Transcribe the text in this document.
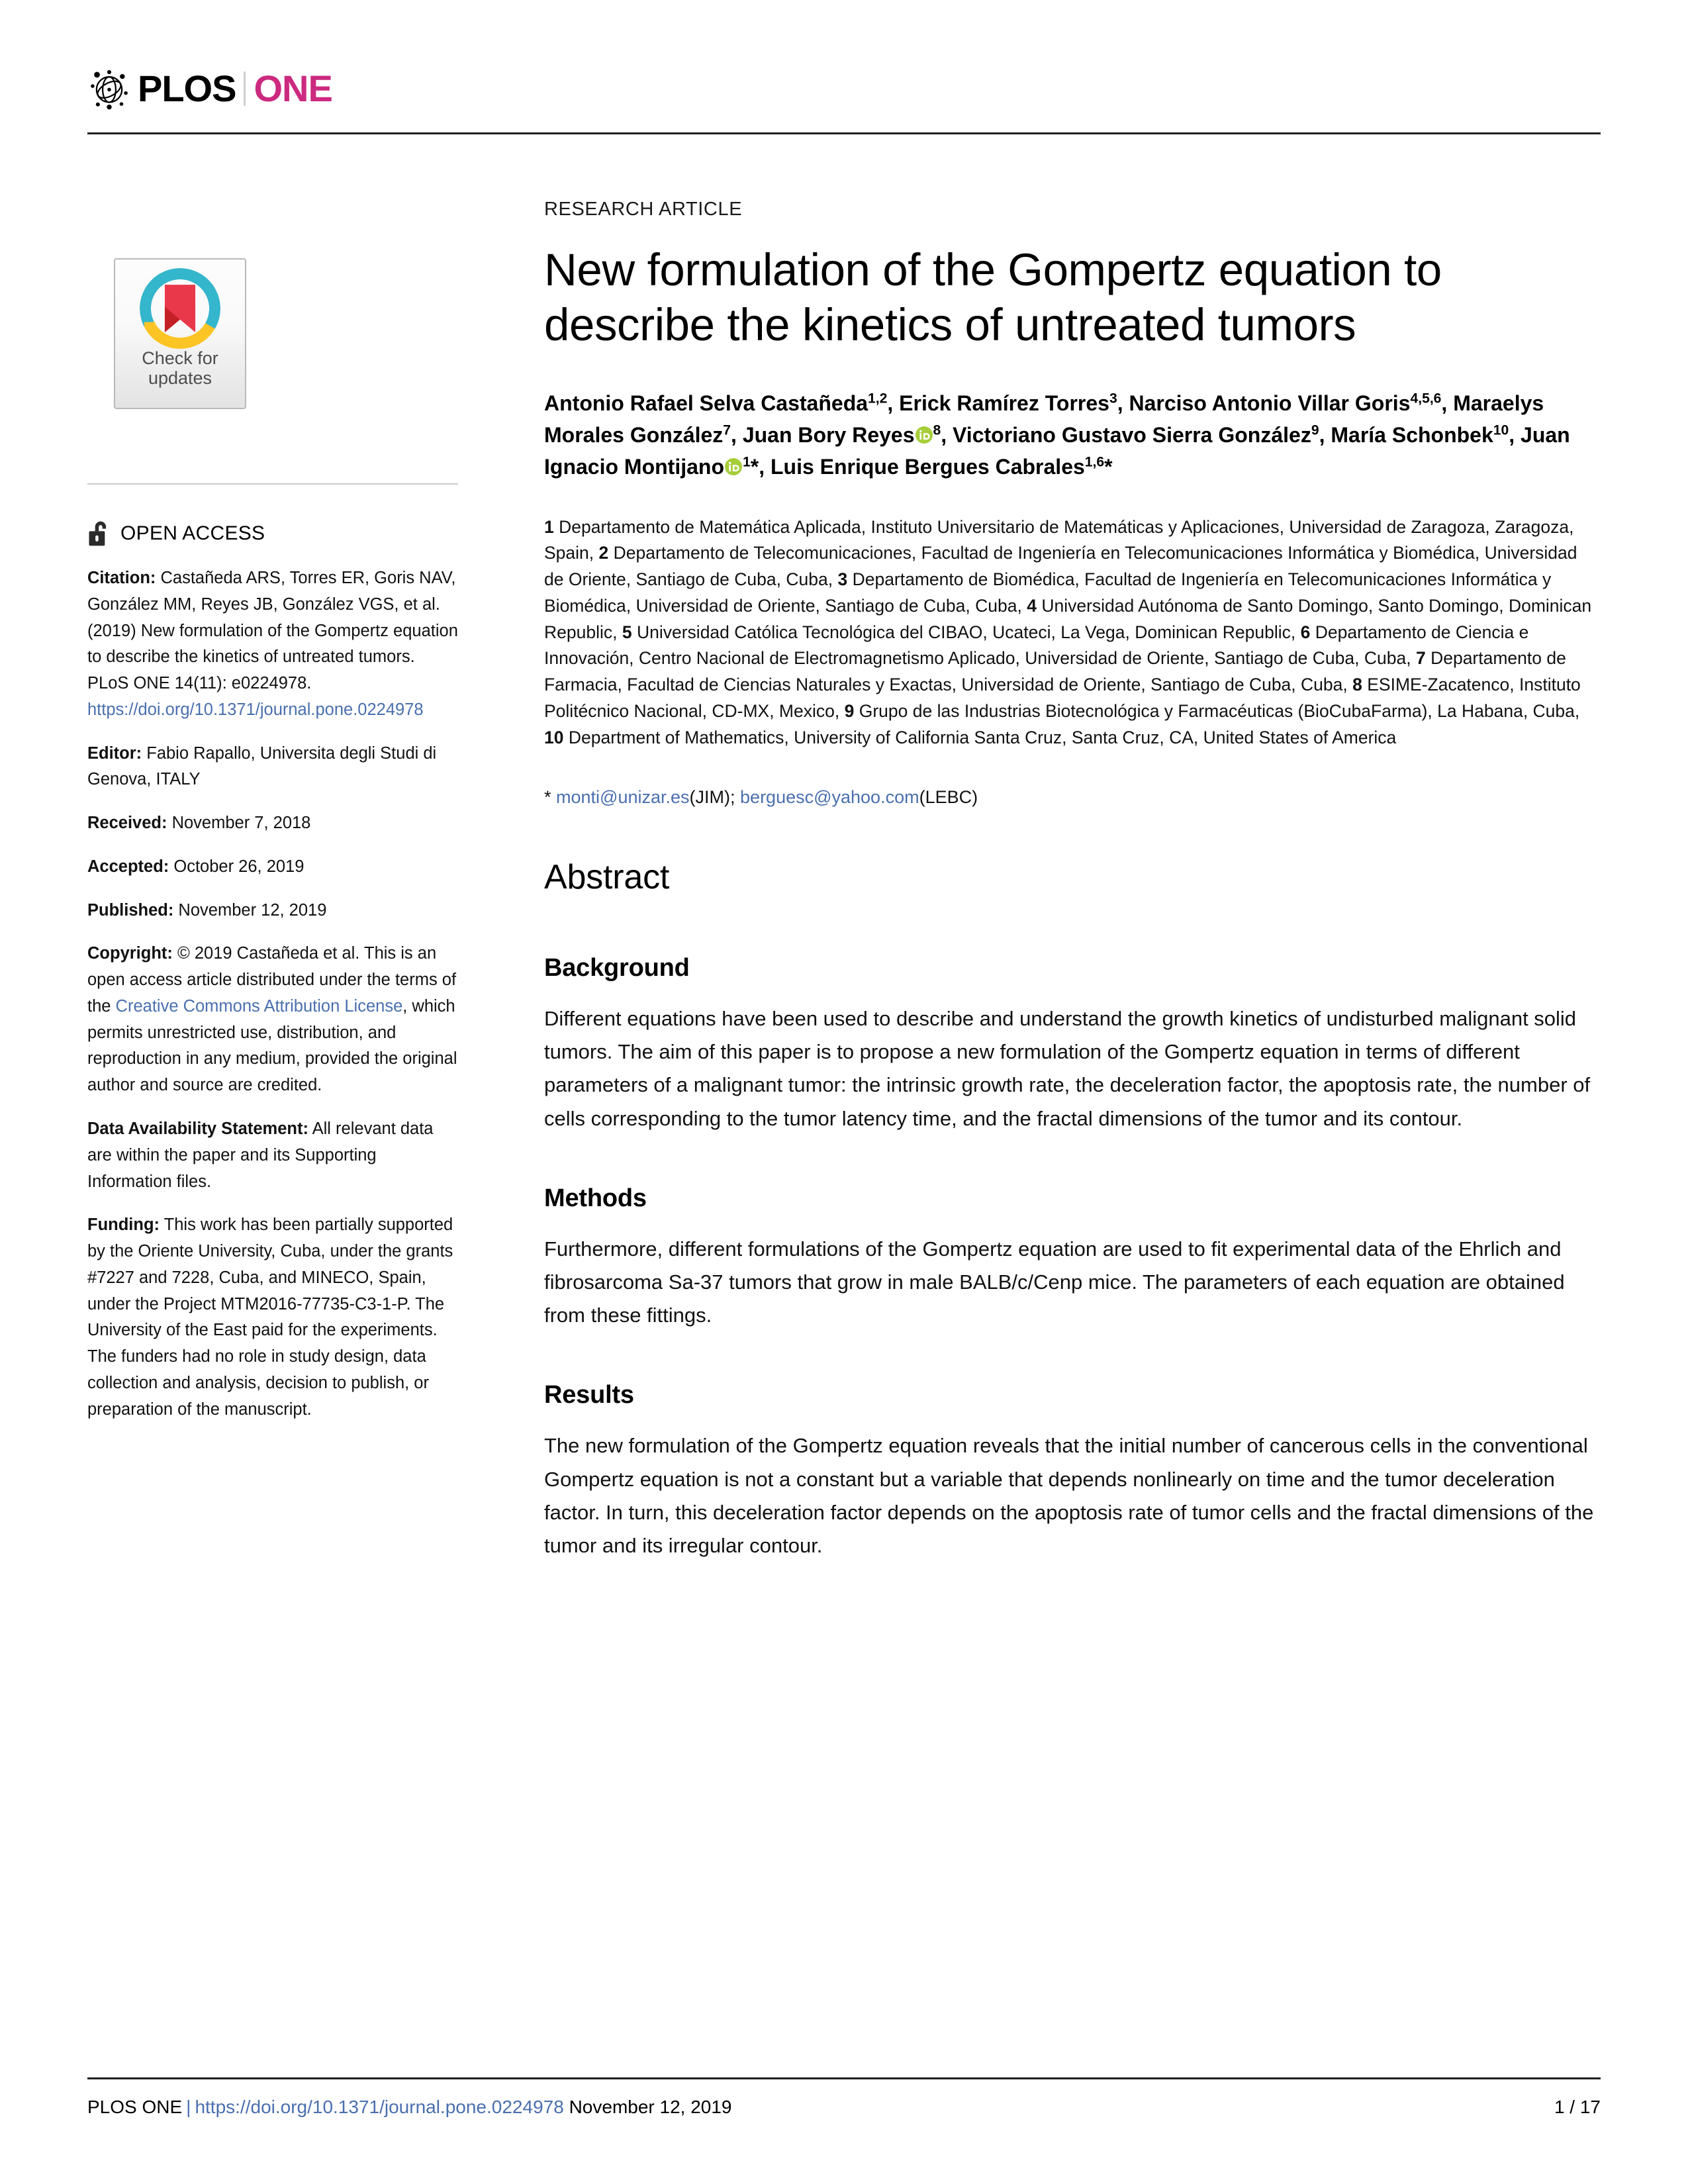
PLOS ONE
Check for
updates
OPEN ACCESS
Citation: Castañeda ARS, Torres ER, Goris NAV, González MM, Reyes JB, González VGS, et al. (2019) New formulation of the Gompertz equation to describe the kinetics of untreated tumors. PLoS ONE 14(11): e0224978. https://doi.org/10.1371/journal.pone.0224978
Editor: Fabio Rapallo, Universita degli Studi di Genova, ITALY
Received: November 7, 2018
Accepted: October 26, 2019
Published: November 12, 2019
Copyright: © 2019 Castañeda et al. This is an open access article distributed under the terms of the Creative Commons Attribution License, which permits unrestricted use, distribution, and reproduction in any medium, provided the original author and source are credited.
Data Availability Statement: All relevant data are within the paper and its Supporting Information files.
Funding: This work has been partially supported by the Oriente University, Cuba, under the grants #7227 and 7228, Cuba, and MINECO, Spain, under the Project MTM2016-77735-C3-1-P. The University of the East paid for the experiments. The funders had no role in study design, data collection and analysis, decision to publish, or preparation of the manuscript.
RESEARCH ARTICLE
New formulation of the Gompertz equation to describe the kinetics of untreated tumors
Antonio Rafael Selva Castañeda$^{1,2}$, Erick Ramírez Torres$^3$, Narciso Antonio Villar Goris$^{4,5,6}$, Maraelys Morales González$^7$, Juan Bory Reyes $^8$, Victoriano Gustavo Sierra González$^9$, María Schonbek$^{10}$, Juan Ignacio Montijano $^1$*, Luis Enrique Bergues Cabrales$^{1,6}$*
1 Departamento de Matemática Aplicada, Instituto Universitario de Matemáticas y Aplicaciones, Universidad de Zaragoza, Zaragoza, Spain, 2 Departamento de Telecomunicaciones, Facultad de Ingeniería en Telecomunicaciones Informática y Biomédica, Universidad de Oriente, Santiago de Cuba, Cuba, 3 Departamento de Biomédica, Facultad de Ingeniería en Telecomunicaciones Informática y Biomédica, Universidad de Oriente, Santiago de Cuba, Cuba, 4 Universidad Autónoma de Santo Domingo, Santo Domingo, Dominican Republic, 5 Universidad Católica Tecnológica del CIBAO, Ucateci, La Vega, Dominican Republic, 6 Departamento de Ciencia e Innovación, Centro Nacional de Electromagnetismo Aplicado, Universidad de Oriente, Santiago de Cuba, Cuba, 7 Departamento de Farmacia, Facultad de Ciencias Naturales y Exactas, Universidad de Oriente, Santiago de Cuba, Cuba, 8 ESIME-Zacatenco, Instituto Politécnico Nacional, CD-MX, Mexico, 9 Grupo de las Industrias Biotecnológica y Farmacéuticas (BioCubaFarma), La Habana, Cuba, 10 Department of Mathematics, University of California Santa Cruz, Santa Cruz, CA, United States of America
* monti@unizar.es(JIM); berguesc@yahoo.com(LEBC)
Abstract
Background

Different equations have been used to describe and understand the growth kinetics of undisturbed malignant solid tumors. The aim of this paper is to propose a new formulation of the Gompertz equation in terms of different parameters of a malignant tumor: the intrinsic growth rate, the deceleration factor, the apoptosis rate, the number of cells corresponding to the tumor latency time, and the fractal dimensions of the tumor and its contour.

Methods

Furthermore, different formulations of the Gompertz equation are used to fit experimental data of the Ehrlich and fibrosarcoma Sa-37 tumors that grow in male BALB/c/Cenp mice. The parameters of each equation are obtained from these fittings.

Results

The new formulation of the Gompertz equation reveals that the initial number of cancerous cells in the conventional Gompertz equation is not a constant but a variable that depends nonlinearly on time and the tumor deceleration factor. In turn, this deceleration factor depends on the apoptosis rate of tumor cells and the fractal dimensions of the tumor and its irregular contour.

PLOS ONE | https://doi.org/10.1371/journal.pone.0224978 November 12, 2019	1 / 17
